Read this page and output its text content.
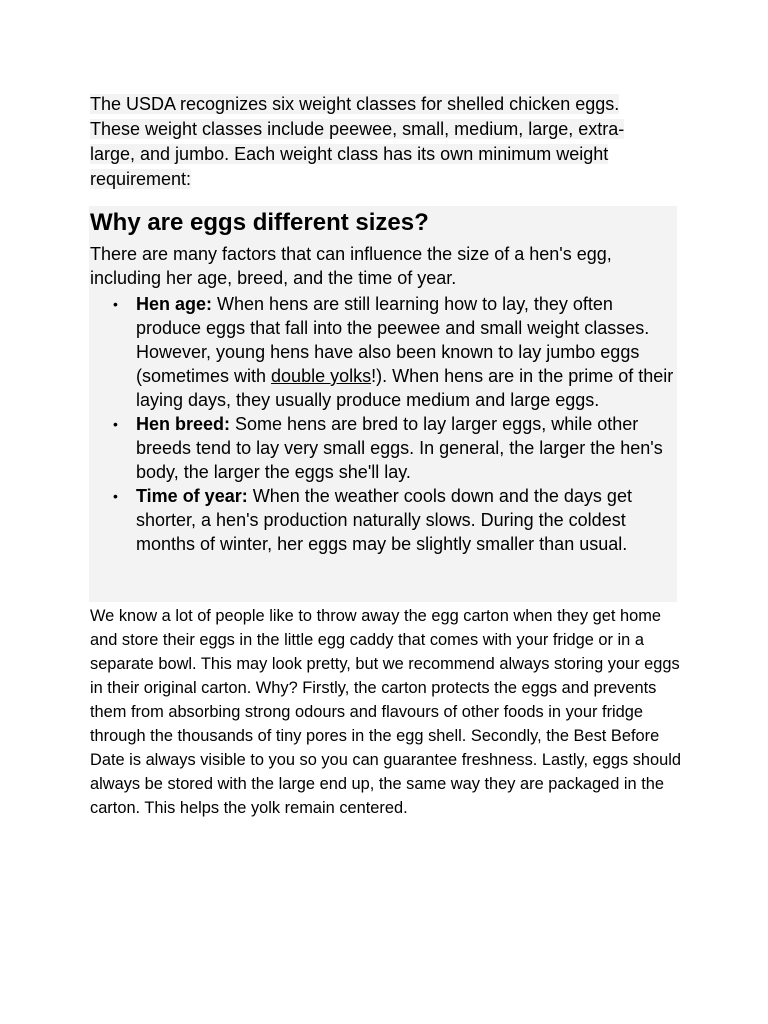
The USDA recognizes six weight classes for shelled chicken eggs. These weight classes include peewee, small, medium, large, extra-large, and jumbo. Each weight class has its own minimum weight requirement:
Why are eggs different sizes?

There are many factors that can influence the size of a hen's egg, including her age, breed, and the time of year.

• Hen age: When hens are still learning how to lay, they often produce eggs that fall into the peewee and small weight classes. However, young hens have also been known to lay jumbo eggs (sometimes with double yolks!). When hens are in the prime of their laying days, they usually produce medium and large eggs.
• Hen breed: Some hens are bred to lay larger eggs, while other breeds tend to lay very small eggs. In general, the larger the hen's body, the larger the eggs she'll lay.
• Time of year: When the weather cools down and the days get shorter, a hen's production naturally slows. During the coldest months of winter, her eggs may be slightly smaller than usual.

We know a lot of people like to throw away the egg carton when they get home and store their eggs in the little egg caddy that comes with your fridge or in a separate bowl. This may look pretty, but we recommend always storing your eggs in their original carton. Why? Firstly, the carton protects the eggs and prevents them from absorbing strong odours and flavours of other foods in your fridge through the thousands of tiny pores in the egg shell. Secondly, the Best Before Date is always visible to you so you can guarantee freshness. Lastly, eggs should always be stored with the large end up, the same way they are packaged in the carton. This helps the yolk remain centered.
